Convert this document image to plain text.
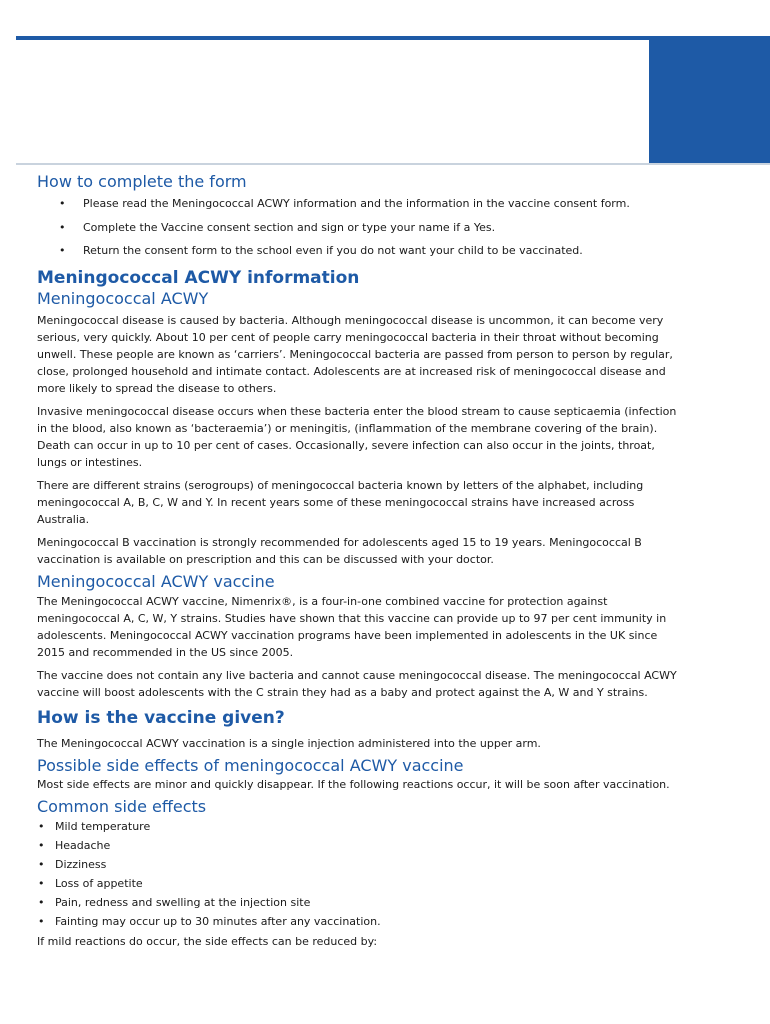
How to complete the form
• Please read the Meningococcal ACWY information and the information in the vaccine consent form.
• Complete the Vaccine consent section and sign or type your name if a Yes.
• Return the consent form to the school even if you do not want your child to be vaccinated.
Meningococcal ACWY information
Meningococcal ACWY

Meningococcal disease is caused by bacteria. Although meningococcal disease is uncommon, it can become very serious, very quickly. About 10 per cent of people carry meningococcal bacteria in their throat without becoming unwell. These people are known as ‘carriers’. Meningococcal bacteria are passed from person to person by regular, close, prolonged household and intimate contact. Adolescents are at increased risk of meningococcal disease and more likely to spread the disease to others.

Invasive meningococcal disease occurs when these bacteria enter the blood stream to cause septicaemia (infection in the blood, also known as ‘bacteraemia’) or meningitis, (inflammation of the membrane covering of the brain). Death can occur in up to 10 per cent of cases. Occasionally, severe infection can also occur in the joints, throat, lungs or intestines.

There are different strains (serogroups) of meningococcal bacteria known by letters of the alphabet, including meningococcal A, B, C, W and Y. In recent years some of these meningococcal strains have increased across Australia.

Meningococcal B vaccination is strongly recommended for adolescents aged 15 to 19 years. Meningococcal B vaccination is available on prescription and this can be discussed with your doctor.

Meningococcal ACWY vaccine

The Meningococcal ACWY vaccine, Nimenrix®, is a four-in-one combined vaccine for protection against meningococcal A, C, W, Y strains. Studies have shown that this vaccine can provide up to 97 per cent immunity in adolescents. Meningococcal ACWY vaccination programs have been implemented in adolescents in the UK since 2015 and recommended in the US since 2005.

The vaccine does not contain any live bacteria and cannot cause meningococcal disease. The meningococcal ACWY vaccine will boost adolescents with the C strain they had as a baby and protect against the A, W and Y strains.

How is the vaccine given?

The Meningococcal ACWY vaccination is a single injection administered into the upper arm.

Possible side effects of meningococcal ACWY vaccine

Most side effects are minor and quickly disappear. If the following reactions occur, it will be soon after vaccination.

Common side effects
• Mild temperature
• Headache
• Dizziness
• Loss of appetite
• Pain, redness and swelling at the injection site
• Fainting may occur up to 30 minutes after any vaccination.

If mild reactions do occur, the side effects can be reduced by:
